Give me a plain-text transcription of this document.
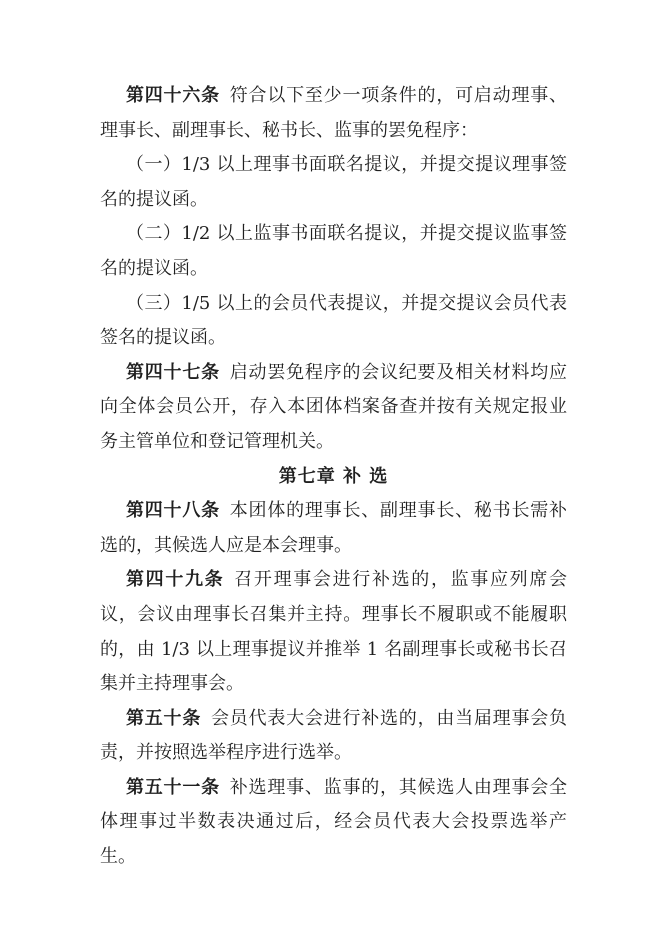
第四十六条 符合以下至少一项条件的，可启动理事、理事长、副理事长、秘书长、监事的罢免程序：

（一）1/3 以上理事书面联名提议，并提交提议理事签名的提议函。

（二）1/2 以上监事书面联名提议，并提交提议监事签名的提议函。

（三）1/5 以上的会员代表提议，并提交提议会员代表签名的提议函。

第四十七条 启动罢免程序的会议纪要及相关材料均应向全体会员公开，存入本团体档案备查并按有关规定报业务主管单位和登记管理机关。

第七章 补 选

第四十八条 本团体的理事长、副理事长、秘书长需补选的，其候选人应是本会理事。

第四十九条 召开理事会进行补选的，监事应列席会议，会议由理事长召集并主持。理事长不履职或不能履职的，由 1/3 以上理事提议并推举 1 名副理事长或秘书长召集并主持理事会。

第五十条 会员代表大会进行补选的，由当届理事会负责，并按照选举程序进行选举。

第五十一条 补选理事、监事的，其候选人由理事会全体理事过半数表决通过后，经会员代表大会投票选举产生。
